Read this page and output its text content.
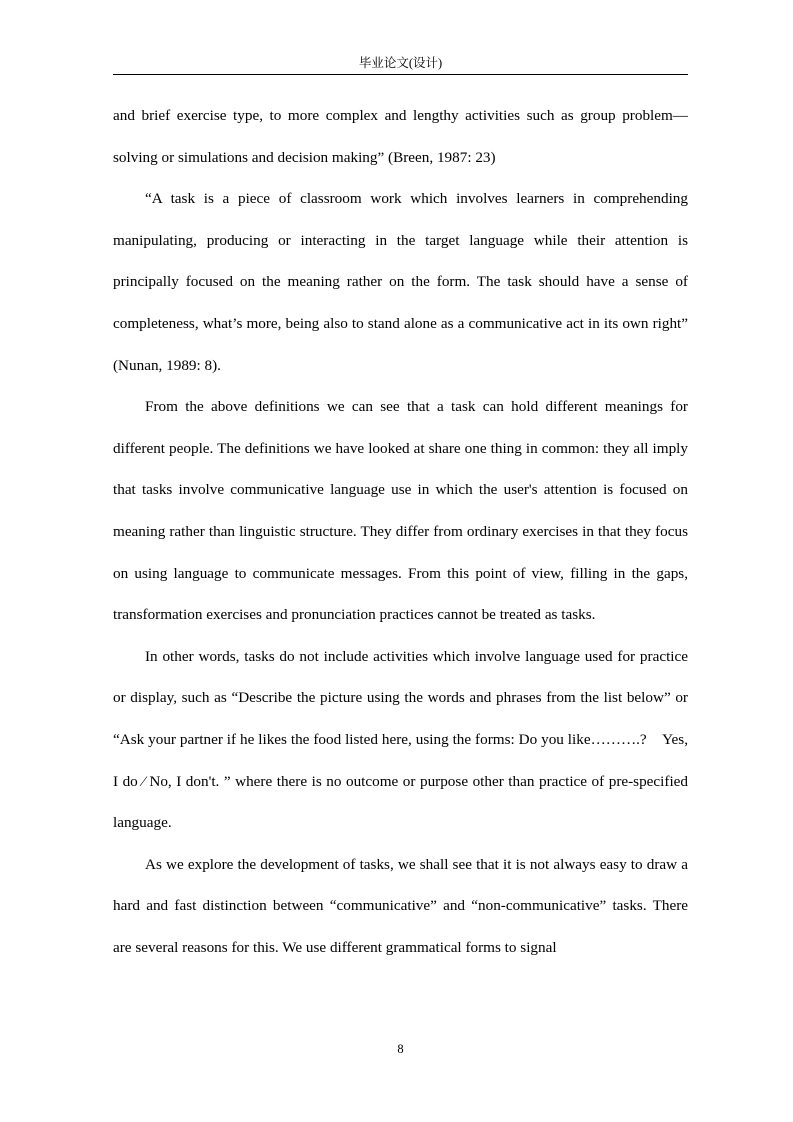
毕业论文(设计)

and brief exercise type, to more complex and lengthy activities such as group problem—solving or simulations and decision making” (Breen, 1987: 23)

“A task is a piece of classroom work which involves learners in comprehending manipulating, producing or interacting in the target language while their attention is principally focused on the meaning rather on the form. The task should have a sense of completeness, what’s more, being also to stand alone as a communicative act in its own right” (Nunan, 1989: 8).

From the above definitions we can see that a task can hold different meanings for different people. The definitions we have looked at share one thing in common: they all imply that tasks involve communicative language use in which the user's attention is focused on meaning rather than linguistic structure. They differ from ordinary exercises in that they focus on using language to communicate messages. From this point of view, filling in the gaps, transformation exercises and pronunciation practices cannot be treated as tasks.

In other words, tasks do not include activities which involve language used for practice or display, such as “Describe the picture using the words and phrases from the list below” or “Ask your partner if he likes the food listed here, using the forms: Do you like……….?　Yes, I do ⁄ No, I don't. ” where there is no outcome or purpose other than practice of pre-specified language.

As we explore the development of tasks, we shall see that it is not always easy to draw a hard and fast distinction between “communicative” and “non-communicative” tasks. There are several reasons for this. We use different grammatical forms to signal

8
